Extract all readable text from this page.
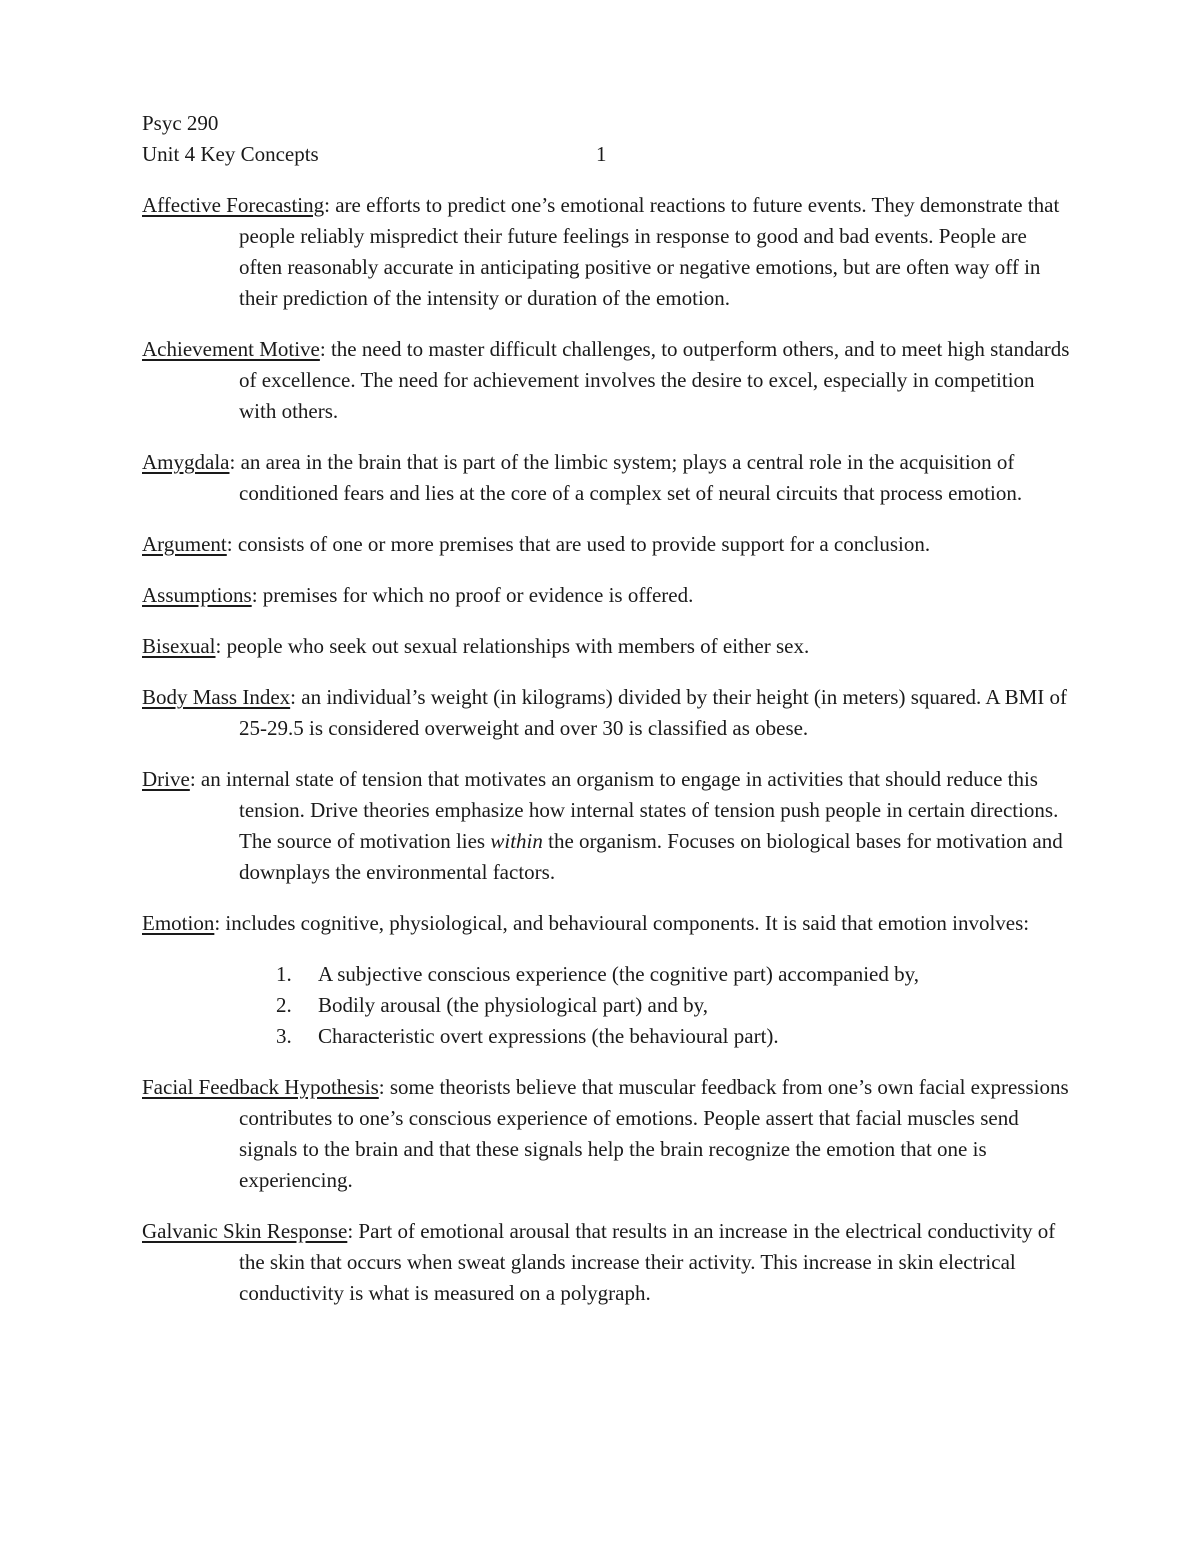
Psyc 290
Unit 4 Key Concepts	1

Affective Forecasting: are efforts to predict one’s emotional reactions to future events. They demonstrate that people reliably mispredict their future feelings in response to good and bad events. People are often reasonably accurate in anticipating positive or negative emotions, but are often way off in their prediction of the intensity or duration of the emotion.

Achievement Motive: the need to master difficult challenges, to outperform others, and to meet high standards of excellence. The need for achievement involves the desire to excel, especially in competition with others.

Amygdala: an area in the brain that is part of the limbic system; plays a central role in the acquisition of conditioned fears and lies at the core of a complex set of neural circuits that process emotion.

Argument: consists of one or more premises that are used to provide support for a conclusion.

Assumptions: premises for which no proof or evidence is offered.

Bisexual: people who seek out sexual relationships with members of either sex.

Body Mass Index: an individual’s weight (in kilograms) divided by their height (in meters) squared. A BMI of 25-29.5 is considered overweight and over 30 is classified as obese.

Drive: an internal state of tension that motivates an organism to engage in activities that should reduce this tension. Drive theories emphasize how internal states of tension push people in certain directions. The source of motivation lies within the organism. Focuses on biological bases for motivation and downplays the environmental factors.

Emotion: includes cognitive, physiological, and behavioural components. It is said that emotion involves:

1. A subjective conscious experience (the cognitive part) accompanied by,
2. Bodily arousal (the physiological part) and by,
3. Characteristic overt expressions (the behavioural part).

Facial Feedback Hypothesis: some theorists believe that muscular feedback from one’s own facial expressions contributes to one’s conscious experience of emotions. People assert that facial muscles send signals to the brain and that these signals help the brain recognize the emotion that one is experiencing.

Galvanic Skin Response: Part of emotional arousal that results in an increase in the electrical conductivity of the skin that occurs when sweat glands increase their activity. This increase in skin electrical conductivity is what is measured on a polygraph.
